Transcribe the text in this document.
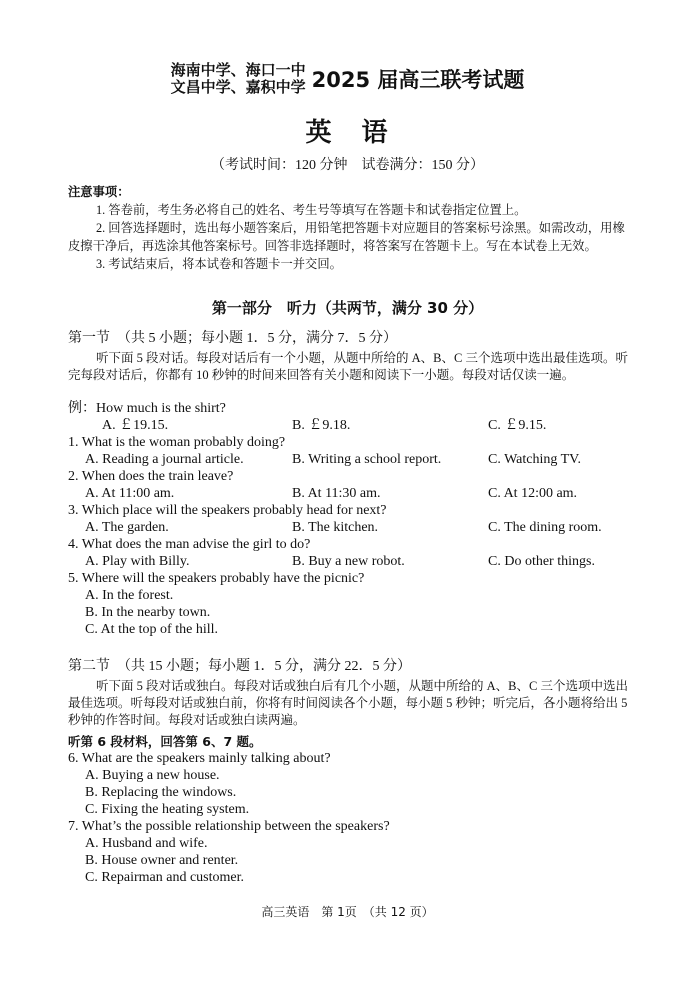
海南中学、海口一中
文昌中学、嘉积中学 2025 届高三联考试题
英　语
（考试时间：120 分钟　试卷满分：150 分）
注意事项：
1. 答卷前，考生务必将自己的姓名、考生号等填写在答题卡和试卷指定位置上。
2. 回答选择题时，选出每小题答案后，用铅笔把答题卡对应题目的答案标号涂黑。如需改动，用橡皮擦干净后，再选涂其他答案标号。回答非选择题时，将答案写在答题卡上。写在本试卷上无效。
3. 考试结束后，将本试卷和答题卡一并交回。
第一部分　听力（共两节，满分 30 分）
第一节　（共 5 小题；每小题 1．5 分，满分 7．5 分）
听下面 5 段对话。每段对话后有一个小题，从题中所给的 A、B、C 三个选项中选出最佳选项。听完每段对话后，你都有 10 秒钟的时间来回答有关小题和阅读下一小题。每段对话仅读一遍。
例：How much is the shirt?
A. ￡19.15.	B. ￡9.18.	C. ￡9.15.
1. What is the woman probably doing?
A. Reading a journal article.	B. Writing a school report.	C. Watching TV.
2. When does the train leave?
A. At 11:00 am.	B. At 11:30 am.	C. At 12:00 am.
3. Which place will the speakers probably head for next?
A. The garden.	B. The kitchen.	C. The dining room.
4. What does the man advise the girl to do?
A. Play with Billy.	B. Buy a new robot.	C. Do other things.
5. Where will the speakers probably have the picnic?
A. In the forest.
B. In the nearby town.
C. At the top of the hill.
第二节　（共 15 小题；每小题 1．5 分，满分 22．5 分）
听下面 5 段对话或独白。每段对话或独白后有几个小题，从题中所给的 A、B、C 三个选项中选出最佳选项。听每段对话或独白前，你将有时间阅读各个小题，每小题 5 秒钟；听完后，各小题将给出 5 秒钟的作答时间。每段对话或独白读两遍。
听第 6 段材料，回答第 6、7 题。
6. What are the speakers mainly talking about?
A. Buying a new house.
B. Replacing the windows.
C. Fixing the heating system.
7. What’s the possible relationship between the speakers?
A. Husband and wife.
B. House owner and renter.
C. Repairman and customer.
高三英语　第 1页　（共 12 页）
